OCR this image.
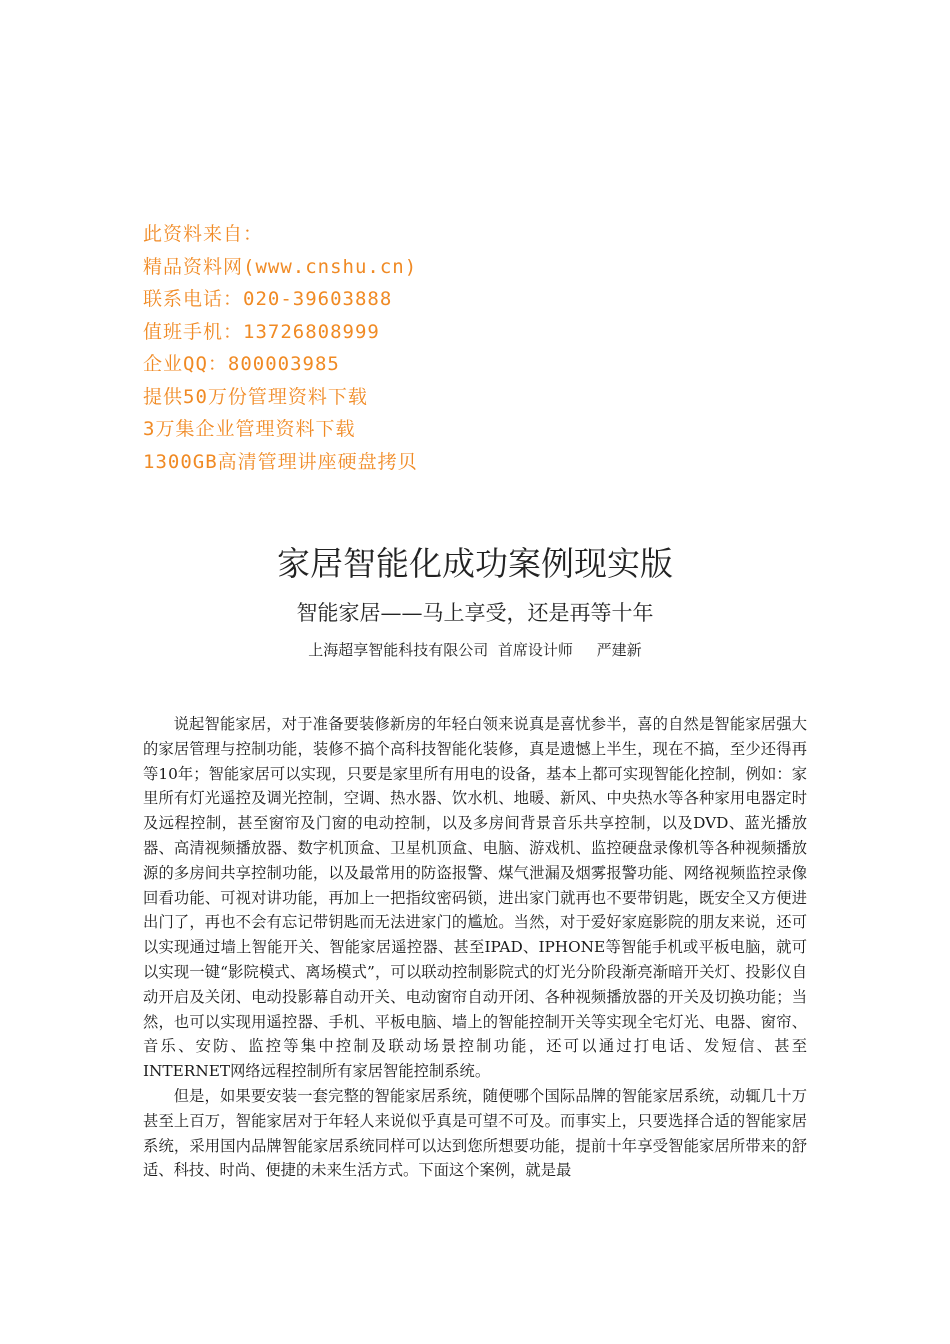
此资料来自：
精品资料网(www.cnshu.cn)
联系电话：020-39603888
值班手机：13726808999
企业QQ：800003985
提供50万份管理资料下载
3万集企业管理资料下载
1300GB高清管理讲座硬盘拷贝
家居智能化成功案例现实版
智能家居——马上享受，还是再等十年
上海超享智能科技有限公司  首席设计师     严建新

说起智能家居，对于准备要装修新房的年轻白领来说真是喜忧参半，喜的自然是智能家居强大的家居管理与控制功能，装修不搞个高科技智能化装修，真是遗憾上半生，现在不搞，至少还得再等10年；智能家居可以实现，只要是家里所有用电的设备，基本上都可实现智能化控制，例如：家里所有灯光遥控及调光控制，空调、热水器、饮水机、地暖、新风、中央热水等各种家用电器定时及远程控制，甚至窗帘及门窗的电动控制，以及多房间背景音乐共享控制，以及DVD、蓝光播放器、高清视频播放器、数字机顶盒、卫星机顶盒、电脑、游戏机、监控硬盘录像机等各种视频播放源的多房间共享控制功能，以及最常用的防盗报警、煤气泄漏及烟雾报警功能、网络视频监控录像回看功能、可视对讲功能，再加上一把指纹密码锁，进出家门就再也不要带钥匙，既安全又方便进出门了，再也不会有忘记带钥匙而无法进家门的尴尬。当然，对于爱好家庭影院的朋友来说，还可以实现通过墙上智能开关、智能家居遥控器、甚至IPAD、IPHONE等智能手机或平板电脑，就可以实现一键“影院模式、离场模式”，可以联动控制影院式的灯光分阶段渐亮渐暗开关灯、投影仪自动开启及关闭、电动投影幕自动开关、电动窗帘自动开闭、各种视频播放器的开关及切换功能；当然，也可以实现用遥控器、手机、平板电脑、墙上的智能控制开关等实现全宅灯光、电器、窗帘、音乐、安防、监控等集中控制及联动场景控制功能，还可以通过打电话、发短信、甚至INTERNET网络远程控制所有家居智能控制系统。

但是，如果要安装一套完整的智能家居系统，随便哪个国际品牌的智能家居系统，动辄几十万甚至上百万，智能家居对于年轻人来说似乎真是可望不可及。而事实上，只要选择合适的智能家居系统，采用国内品牌智能家居系统同样可以达到您所想要功能，提前十年享受智能家居所带来的舒适、科技、时尚、便捷的未来生活方式。下面这个案例，就是最
